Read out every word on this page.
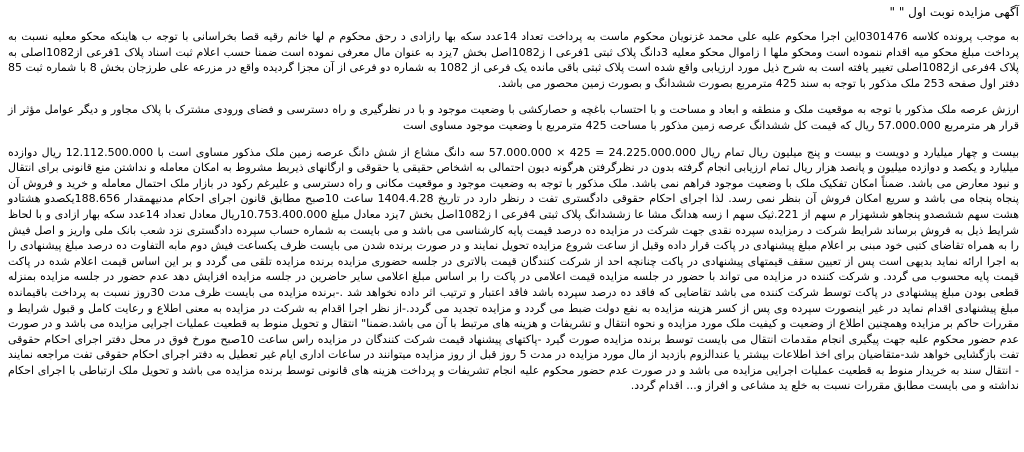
آگهی مزایده نوبت اول " "

به موجب پرونده کلاسه 0301476این اجرا محکوم علیه علی محمد غزنویان محکوم ماست به پرداخت تعداد 14عدد سکه بها رازادی د رحق محکوم م لها خانم رقیه قصا بخراسانی با توجه ب هاینکه محکو معلیه نسبت به پرداخت مبلغ محکو میه اقدام ننموده است ومحکو ملها ا زاموال محکو معلیه 3دانگ پلاک ثبتی 1فرعی ا ز1082اصل بخش 7یزد به عنوان مال معرفی نموده است ضمنا حسب اعلام ثبت اسناد پلاک 1فرعی از1082اصلی به پلاک 4فرعی از1082اصلی تغییر یافته است به شرح ذیل مورد ارزیابی واقع شده است پلاک ثبتی باقی مانده یک فرعی از 1082 به شماره دو فرعی از آن مجزا گردیده واقع در مزرعه علی طرزجان بخش 8 با شماره ثبت 85 دفتر اول صفحه 253 ملک مذکور با توجه به سند 425 مترمربع بصورت ششدانگ و بصورت زمین محصور می باشد.

ارزش عرصه ملک مذکور با توجه به موقعیت ملک و منطقه و ابعاد و مساحت و با احتساب باغچه و حصارکشی با وضعیت موجود و با در نظرگیری و راه دسترسی و فضای ورودی مشترک با پلاک مجاور و دیگر عوامل مؤثر از قرار هر مترمربع 57.000.000 ریال که قیمت کل ششدانگ عرصه زمین مذکور با مساحت 425 مترمربع با وضعیت موجود مساوی است

بیست و چهار میلیارد و دویست و بیست و پنج میلیون ریال تمام ریال 24.225.000.000 = 425 × 57.000.000 سه دانگ مشاع از شش دانگ عرصه زمین ملک مذکور مساوی است با 12.112.500.000 ریال دوازده میلیارد و یکصد و دوازده میلیون و پانصد هزار ریال تمام ارزیابی انجام گرفته بدون در نظرگرفتن هرگونه دیون احتمالی به اشخاص حقیقی یا حقوقی و ارگانهای ذیربط مشروط به امکان معامله و نداشتن منع قانونی برای انتقال و نبود معارض می باشد. ضمناً امکان تفکیک ملک با وضعیت موجود فراهم نمی باشد. ملک مذکور با توجه به وضعیت موجود و موقعیت مکانی و راه دسترسی و علیرغم رکود در بازار ملک احتمال معامله و خرید و فروش آن پنجاه پنجاه می باشد و سریع امکان فروش آن بنظر نمی رسد. لذا اجرای احکام حقوقی دادگستری تفت د رنظر دارد در تاریخ 1404.4.28 ساعت 10صبح مطابق قانون اجرای احکام مدنیهمقدار 188.656یکصدو هشتادو هشت سهم ششصدو پنجاهو ششهزار م سهم از 221.ثیک سهم ا زسه هدانگ مشا عا زششدانگ پلاک ثبتی 4فرعی ا ز1082اصل بخش 7یزد معادل مبلغ 10.753.400.000ریال معادل تعداد 14عدد سکه بهار ازادی و با لحاظ شرایط ذیل به فروش برساند شرایط شرکت د رمزایده سپرده نقدی جهت شرکت در مزایده ده درصد قیمت پایه کارشناسی می باشد و می بایست به شماره حساب سپرده دادگستری نزد شعب بانک ملی واریز و اصل فیش را به همراه تقاضای کتبی خود مبنی بر اعلام مبلغ پیشنهادی در پاکت قرار داده وقبل از ساعت شروع مزایده تحویل نمایند و در صورت برنده شدن می بایست ظرف یکساعت فیش دوم مابه التفاوت ده درصد مبلغ پیشنهادی را به اجرا ارائه نماید بدیهی است پس از تعیین سقف قیمتهای پیشنهادی در پاکت چنانچه احد از شرکت کنندگان قیمت بالاتری در جلسه حضوری مزایده برنده مزایده تلقی می گردد و بر این اساس قیمت اعلام شده در پاکت قیمت پایه محسوب می گردد. و شرکت کننده در مزایده می تواند با حضور در جلسه مزایده قیمت اعلامی در پاکت را بر اساس مبلغ اعلامی سایر حاضرین در جلسه مزایده افزایش دهد عدم حضور در جلسه مزایده بمنزله قطعی بودن مبلغ پیشنهادی در پاکت توسط شرکت کننده می باشد تقاضایی که فاقد ده درصد سپرده باشد فاقد اعتبار و ترتیب اثر داده نخواهد شد .-برنده مزایده می بایست ظرف مدت 30روز نسبت به پرداخت باقیمانده مبلغ پیشنهادی اقدام نماید در غیر اینصورت سپرده وی پس از کسر هزینه مزایده به نفع دولت ضبط می گردد و مزایده تجدید می گردد.-از نظر اجرا اقدام به شرکت در مزایده به معنی اطلاع و رعایت کامل و قبول شرایط و مقررات حاکم بر مزایده وهمچنین اطلاع از وضعیت و کیفیت ملک مورد مزایده و نحوه انتقال و تشریفات و هزینه های مرتبط با آن می باشد.ضمنا" انتقال و تحویل منوط به قطعیت عملیات اجرایی مزایده می باشد و در صورت عدم حضور محکوم علیه جهت پیگیری انجام مقدمات انتقال می بایست توسط برنده مزایده صورت گیرد -پاکتهای پیشنهاد قیمت شرکت کنندگان در مزایده راس ساعت 10صبح مورخ فوق در محل دفتر اجرای احکام حقوقی تفت بازگشایی خواهد شد-متقاضیان برای اخذ اطلاعات بیشتر یا عندالزوم بازدید از مال مورد مزایده در مدت 5 روز قبل از روز مزایده میتوانند در ساعات اداری ایام غیر تعطیل به دفتر اجرای احکام حقوقی تفت مراجعه نمایند - انتقال سند به خریدار منوط به قطعیت عملیات اجرایی مزایده می باشد و در صورت عدم حضور محکوم علیه انجام تشریفات و پرداخت هزینه های قانونی توسط برنده مزایده می باشد و تحویل ملک ارتباطی با اجرای احکام نداشته و می بایست مطابق مقررات نسبت به خلع ید مشاعی و افراز و... اقدام گردد.
